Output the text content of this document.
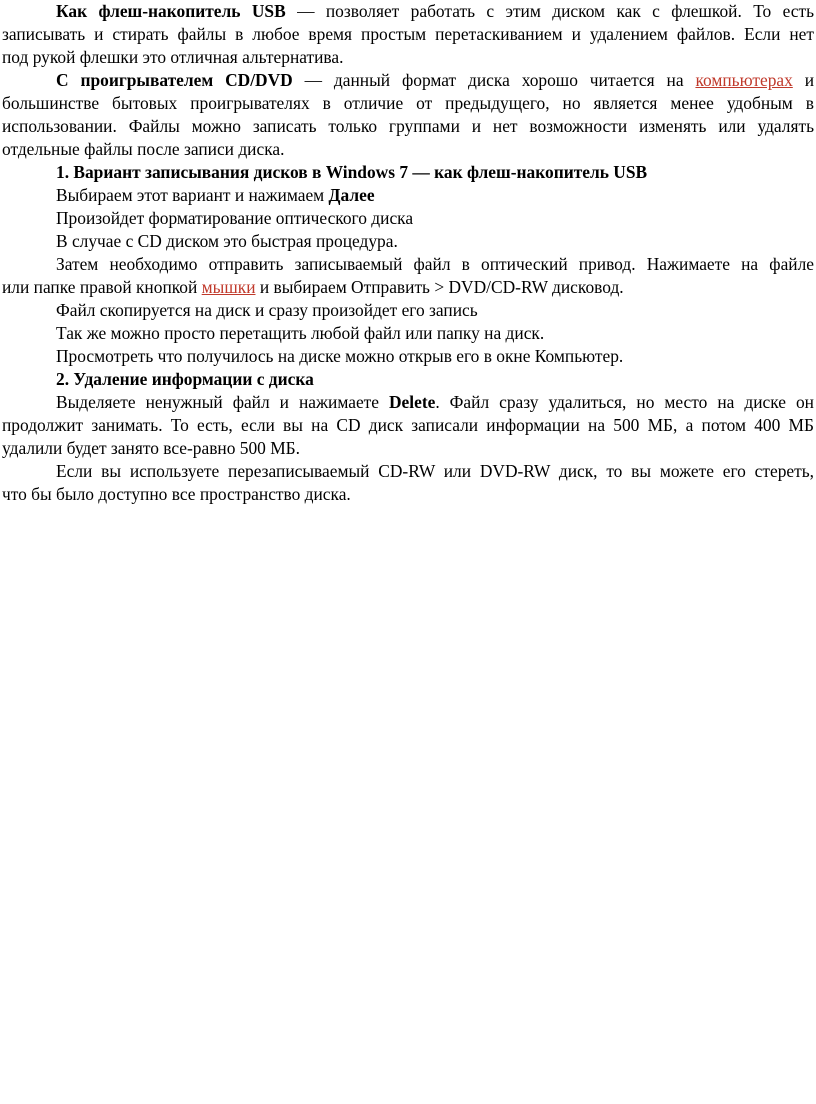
Как флеш-накопитель USB — позволяет работать с этим диском как с флешкой. То есть
записывать и стирать файлы в любое время простым перетаскиванием и удалением файлов. Если нет
под рукой флешки это отличная альтернатива.
С проигрывателем CD/DVD — данный формат диска хорошо читается на компьютерах и
большинстве бытовых проигрывателях в отличие от предыдущего, но является менее удобным в
использовании. Файлы можно записать только группами и нет возможности изменять или удалять
отдельные файлы после записи диска.
1. Вариант записывания дисков в Windows 7 — как флеш-накопитель USB
Выбираем этот вариант и нажимаем Далее
Произойдет форматирование оптического диска
В случае с CD диском это быстрая процедура.
Затем необходимо отправить записываемый файл в оптический привод. Нажимаете на файле
или папке правой кнопкой мышки и выбираем Отправить > DVD/CD-RW дисковод.
Файл скопируется на диск и сразу произойдет его запись
Так же можно просто перетащить любой файл или папку на диск.
Просмотреть что получилось на диске можно открыв его в окне Компьютер.
2. Удаление информации с диска
Выделяете ненужный файл и нажимаете Delete. Файл сразу удалиться, но место на диске он
продолжит занимать. То есть, если вы на CD диск записали информации на 500 МБ, а потом 400 МБ
удалили будет занято все-равно 500 МБ.
Если вы используете перезаписываемый CD-RW или DVD-RW диск, то вы можете его стереть,
что бы было доступно все пространство диска.
